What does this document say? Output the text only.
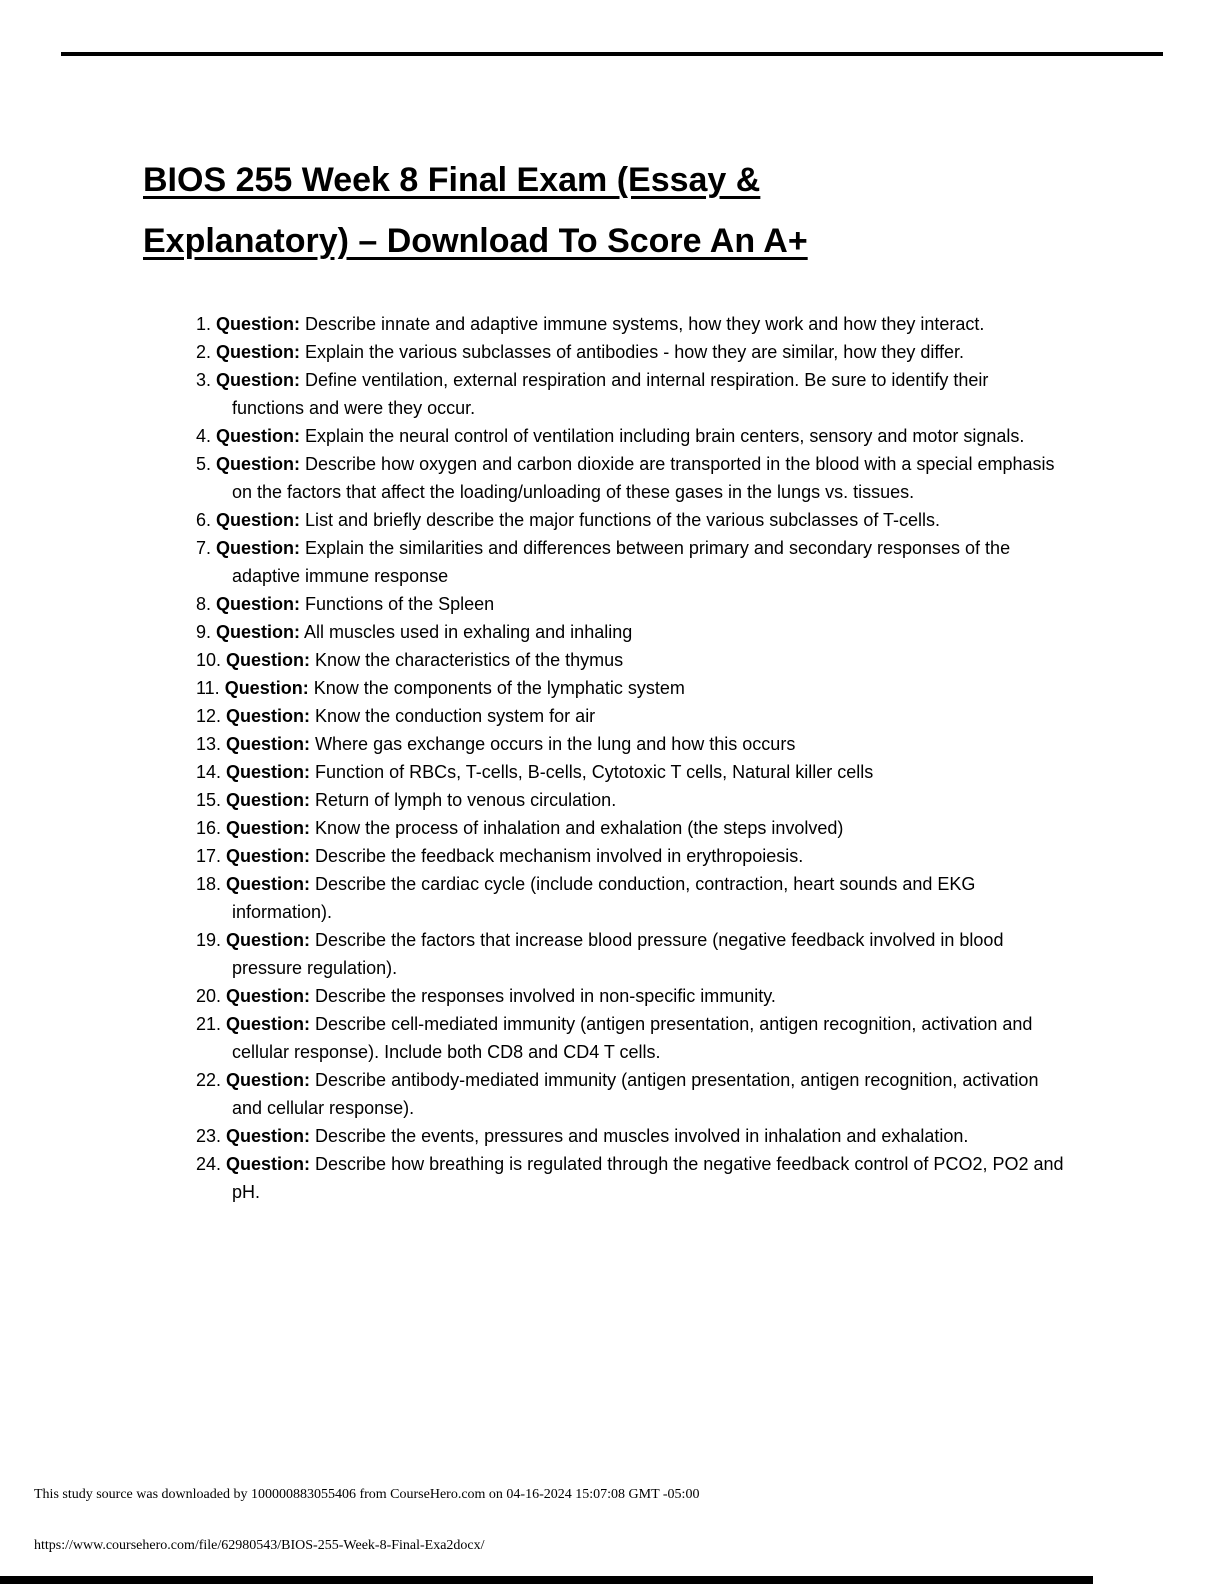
BIOS 255 Week 8 Final Exam (Essay &
Explanatory) – Download To Score An A+
1. Question: Describe innate and adaptive immune systems, how they work and how they interact.
2. Question: Explain the various subclasses of antibodies - how they are similar, how they differ.
3. Question: Define ventilation, external respiration and internal respiration. Be sure to identify their functions and were they occur.
4. Question: Explain the neural control of ventilation including brain centers, sensory and motor signals.
5. Question: Describe how oxygen and carbon dioxide are transported in the blood with a special emphasis on the factors that affect the loading/unloading of these gases in the lungs vs. tissues.
6. Question: List and briefly describe the major functions of the various subclasses of T-cells.
7. Question: Explain the similarities and differences between primary and secondary responses of the adaptive immune response
8. Question: Functions of the Spleen
9. Question: All muscles used in exhaling and inhaling
10. Question: Know the characteristics of the thymus
11. Question: Know the components of the lymphatic system
12. Question: Know the conduction system for air
13. Question: Where gas exchange occurs in the lung and how this occurs
14. Question: Function of RBCs, T-cells, B-cells, Cytotoxic T cells, Natural killer cells
15. Question: Return of lymph to venous circulation.
16. Question: Know the process of inhalation and exhalation (the steps involved)
17. Question: Describe the feedback mechanism involved in erythropoiesis.
18. Question: Describe the cardiac cycle (include conduction, contraction, heart sounds and EKG information).
19. Question: Describe the factors that increase blood pressure (negative feedback involved in blood pressure regulation).
20. Question: Describe the responses involved in non-specific immunity.
21. Question: Describe cell-mediated immunity (antigen presentation, antigen recognition, activation and cellular response). Include both CD8 and CD4 T cells.
22. Question: Describe antibody-mediated immunity (antigen presentation, antigen recognition, activation and cellular response).
23. Question: Describe the events, pressures and muscles involved in inhalation and exhalation.
24. Question: Describe how breathing is regulated through the negative feedback control of PCO2, PO2 and pH.
This study source was downloaded by 100000883055406 from CourseHero.com on 04-16-2024 15:07:08 GMT -05:00
https://www.coursehero.com/file/62980543/BIOS-255-Week-8-Final-Exa2docx/
